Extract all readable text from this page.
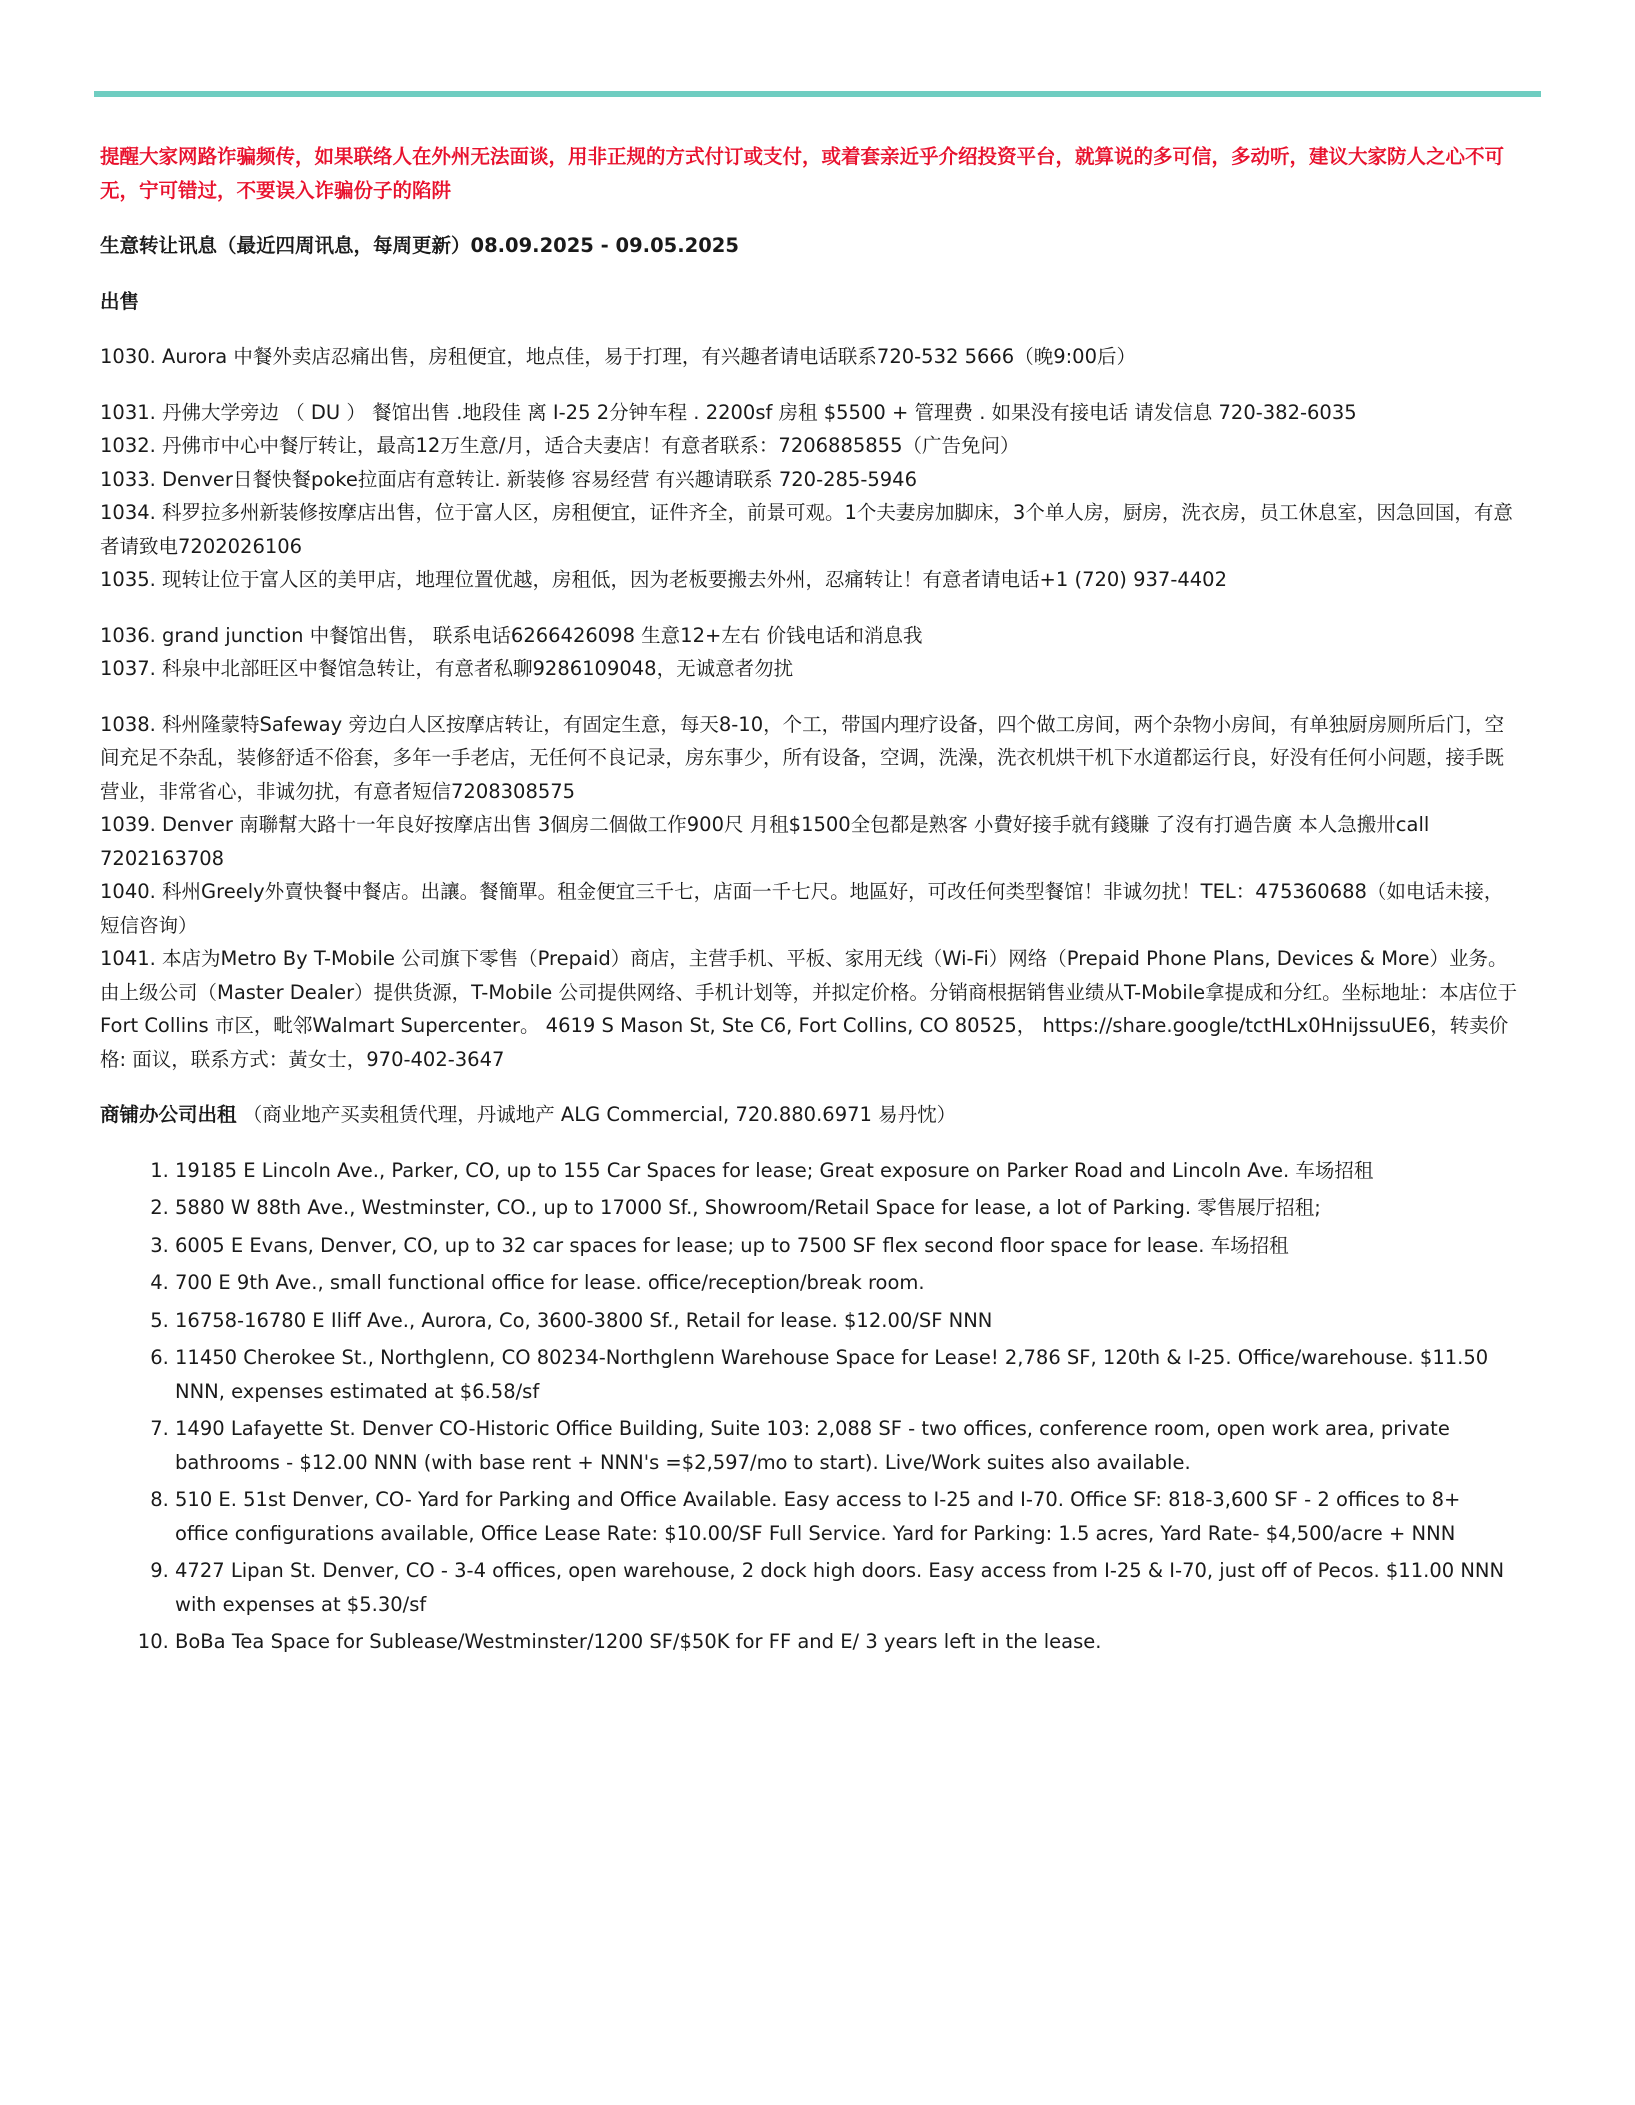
提醒大家网路诈骗频传，如果联络人在外州无法面谈，用非正规的方式付订或支付，或着套亲近乎介绍投资平台，就算说的多可信，多动听，建议大家防人之心不可无，宁可错过，不要误入诈骗份子的陷阱

生意转让讯息（最近四周讯息，每周更新）08.09.2025 - 09.05.2025

出售

1030. Aurora 中餐外卖店忍痛出售，房租便宜，地点佳，易于打理，有兴趣者请电话联系720-532 5666（晚9:00后）

1031. 丹佛大学旁边 （ DU ） 餐馆出售 .地段佳 离 I-25 2分钟车程 . 2200sf 房租 $5500 + 管理费 . 如果没有接电话 请发信息 720-382-6035

1032. 丹佛市中心中餐厅转让，最高12万生意/月，适合夫妻店！有意者联系：7206885855（广告免问）

1033. Denver日餐快餐poke拉面店有意转让. 新装修 容易经营 有兴趣请联系 720-285-5946

1034. 科罗拉多州新装修按摩店出售，位于富人区，房租便宜，证件齐全，前景可观。1个夫妻房加脚床，3个单人房，厨房，洗衣房，员工休息室，因急回国，有意者请致电7202026106

1035. 现转让位于富人区的美甲店，地理位置优越，房租低，因为老板要搬去外州，忍痛转让！有意者请电话+1 (720) 937-4402

1036. grand junction 中餐馆出售， 联系电话6266426098 生意12+左右 价钱电话和消息我

1037. 科泉中北部旺区中餐馆急转让，有意者私聊9286109048，无诚意者勿扰

1038. 科州隆蒙特Safeway 旁边白人区按摩店转让，有固定生意，每天8-10，个工，带国内理疗设备，四个做工房间，两个杂物小房间，有单独厨房厕所后门，空间充足不杂乱，装修舒适不俗套，多年一手老店，无任何不良记录，房东事少，所有设备，空调，洗澡，洗衣机烘干机下水道都运行良，好没有任何小问题，接手既营业，非常省心，非诚勿扰，有意者短信7208308575

1039. Denver 南聯幫大路十一年良好按摩店出售 3個房二個做工作900尺 月租$1500全包都是熟客 小費好接手就有錢賺 了沒有打過告廣 本人急搬卅call 7202163708

1040. 科州Greely外賣快餐中餐店。出讓。餐簡單。租金便宜三千七，店面一千七尺。地區好，可改任何类型餐馆！非诚勿扰！TEL：475360688（如电话未接，短信咨询）

1041. 本店为Metro By T-Mobile 公司旗下零售（Prepaid）商店，主营手机、平板、家用无线（Wi-Fi）网络（Prepaid Phone Plans, Devices & More）业务。由上级公司（Master Dealer）提供货源，T-Mobile 公司提供网络、手机计划等，并拟定价格。分销商根据销售业绩从T-Mobile拿提成和分红。坐标地址：本店位于Fort Collins 市区，毗邻Walmart Supercenter。 4619 S Mason St, Ste C6, Fort Collins, CO 80525， https://share.google/tctHLx0HnijssuUE6，转卖价格: 面议，联系方式：黃女士，970-402-3647

商铺办公司出租 （商业地产买卖租赁代理，丹诚地产 ALG Commercial, 720.880.6971 易丹忱）

1. 19185 E Lincoln Ave., Parker, CO, up to 155 Car Spaces for lease; Great exposure on Parker Road and Lincoln Ave. 车场招租
2. 5880 W 88th Ave., Westminster, CO., up to 17000 Sf., Showroom/Retail Space for lease, a lot of Parking. 零售展厅招租;
3. 6005 E Evans, Denver, CO, up to 32 car spaces for lease; up to 7500 SF flex second floor space for lease. 车场招租
4. 700 E 9th Ave., small functional office for lease. office/reception/break room.
5. 16758-16780 E Iliff Ave., Aurora, Co, 3600-3800 Sf., Retail for lease. $12.00/SF NNN
6. 11450 Cherokee St., Northglenn, CO 80234-Northglenn Warehouse Space for Lease! 2,786 SF, 120th & I-25. Office/warehouse. $11.50 NNN, expenses estimated at $6.58/sf
7. 1490 Lafayette St. Denver CO-Historic Office Building, Suite 103: 2,088 SF - two offices, conference room, open work area, private bathrooms - $12.00 NNN (with base rent + NNN's =$2,597/mo to start). Live/Work suites also available.
8. 510 E. 51st Denver, CO- Yard for Parking and Office Available. Easy access to I-25 and I-70. Office SF: 818-3,600 SF - 2 offices to 8+ office configurations available, Office Lease Rate: $10.00/SF Full Service. Yard for Parking: 1.5 acres, Yard Rate- $4,500/acre + NNN
9. 4727 Lipan St. Denver, CO - 3-4 offices, open warehouse, 2 dock high doors. Easy access from I-25 & I-70, just off of Pecos. $11.00 NNN with expenses at $5.30/sf
10. BoBa Tea Space for Sublease/Westminster/1200 SF/$50K for FF and E/ 3 years left in the lease.
